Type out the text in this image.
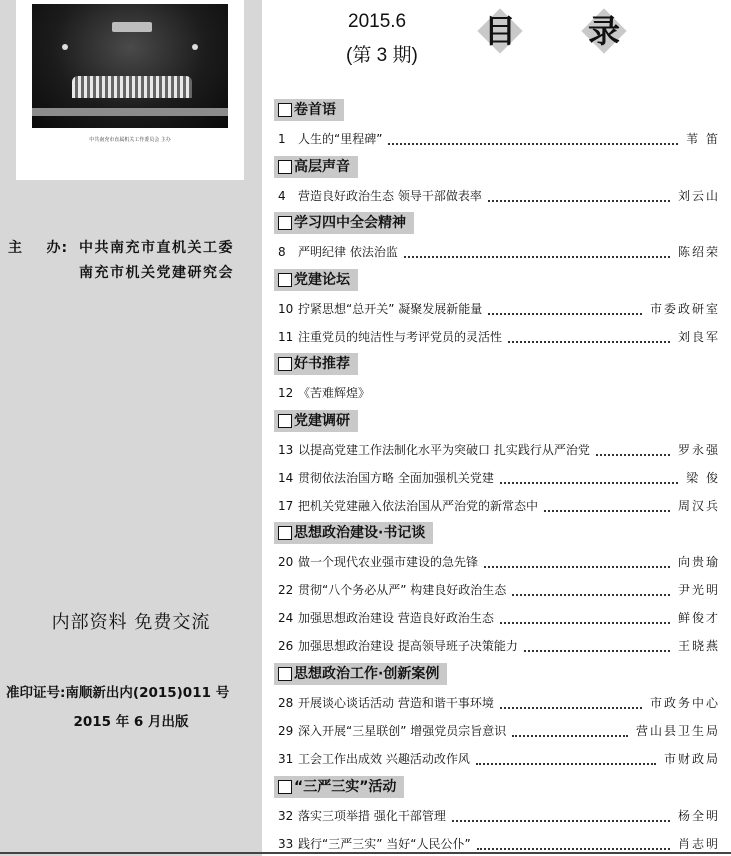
中共南充市直属机关工作委员会 主办
主    办: 中共南充市直机关工委
南充市机关党建研究会
内部资料 免费交流
准印证号:南顺新出内(2015)011 号
2015 年 6 月出版
2015.6
(第 3 期)
目 录
卷首语
1 人生的“里程碑”	苇 笛
高层声音
4 营造良好政治生态 领导干部做表率	刘云山
学习四中全会精神
8 严明纪律 依法治监	陈绍荣
党建论坛
10 拧紧思想“总开关” 凝聚发展新能量	市委政研室
11 注重党员的纯洁性与考评党员的灵活性	刘良军
好书推荐
12 《苦难辉煌》
党建调研
13 以提高党建工作法制化水平为突破口 扎实践行从严治党	罗永强
14 贯彻依法治国方略 全面加强机关党建	梁 俊
17 把机关党建融入依法治国从严治党的新常态中	周汉兵
思想政治建设·书记谈
20 做一个现代农业强市建设的急先锋	向贵瑜
22 贯彻“八个务必从严” 构建良好政治生态	尹光明
24 加强思想政治建设 营造良好政治生态	鲜俊才
26 加强思想政治建设 提高领导班子决策能力	王晓燕
思想政治工作·创新案例
28 开展谈心谈话活动 营造和谐干事环境	市政务中心
29 深入开展“三星联创” 增强党员宗旨意识	营山县卫生局
31 工会工作出成效 兴趣活动改作风	市财政局
“三严三实”活动
32 落实三项举措 强化干部管理	杨全明
33 践行“三严三实” 当好“人民公仆”	肖志明
